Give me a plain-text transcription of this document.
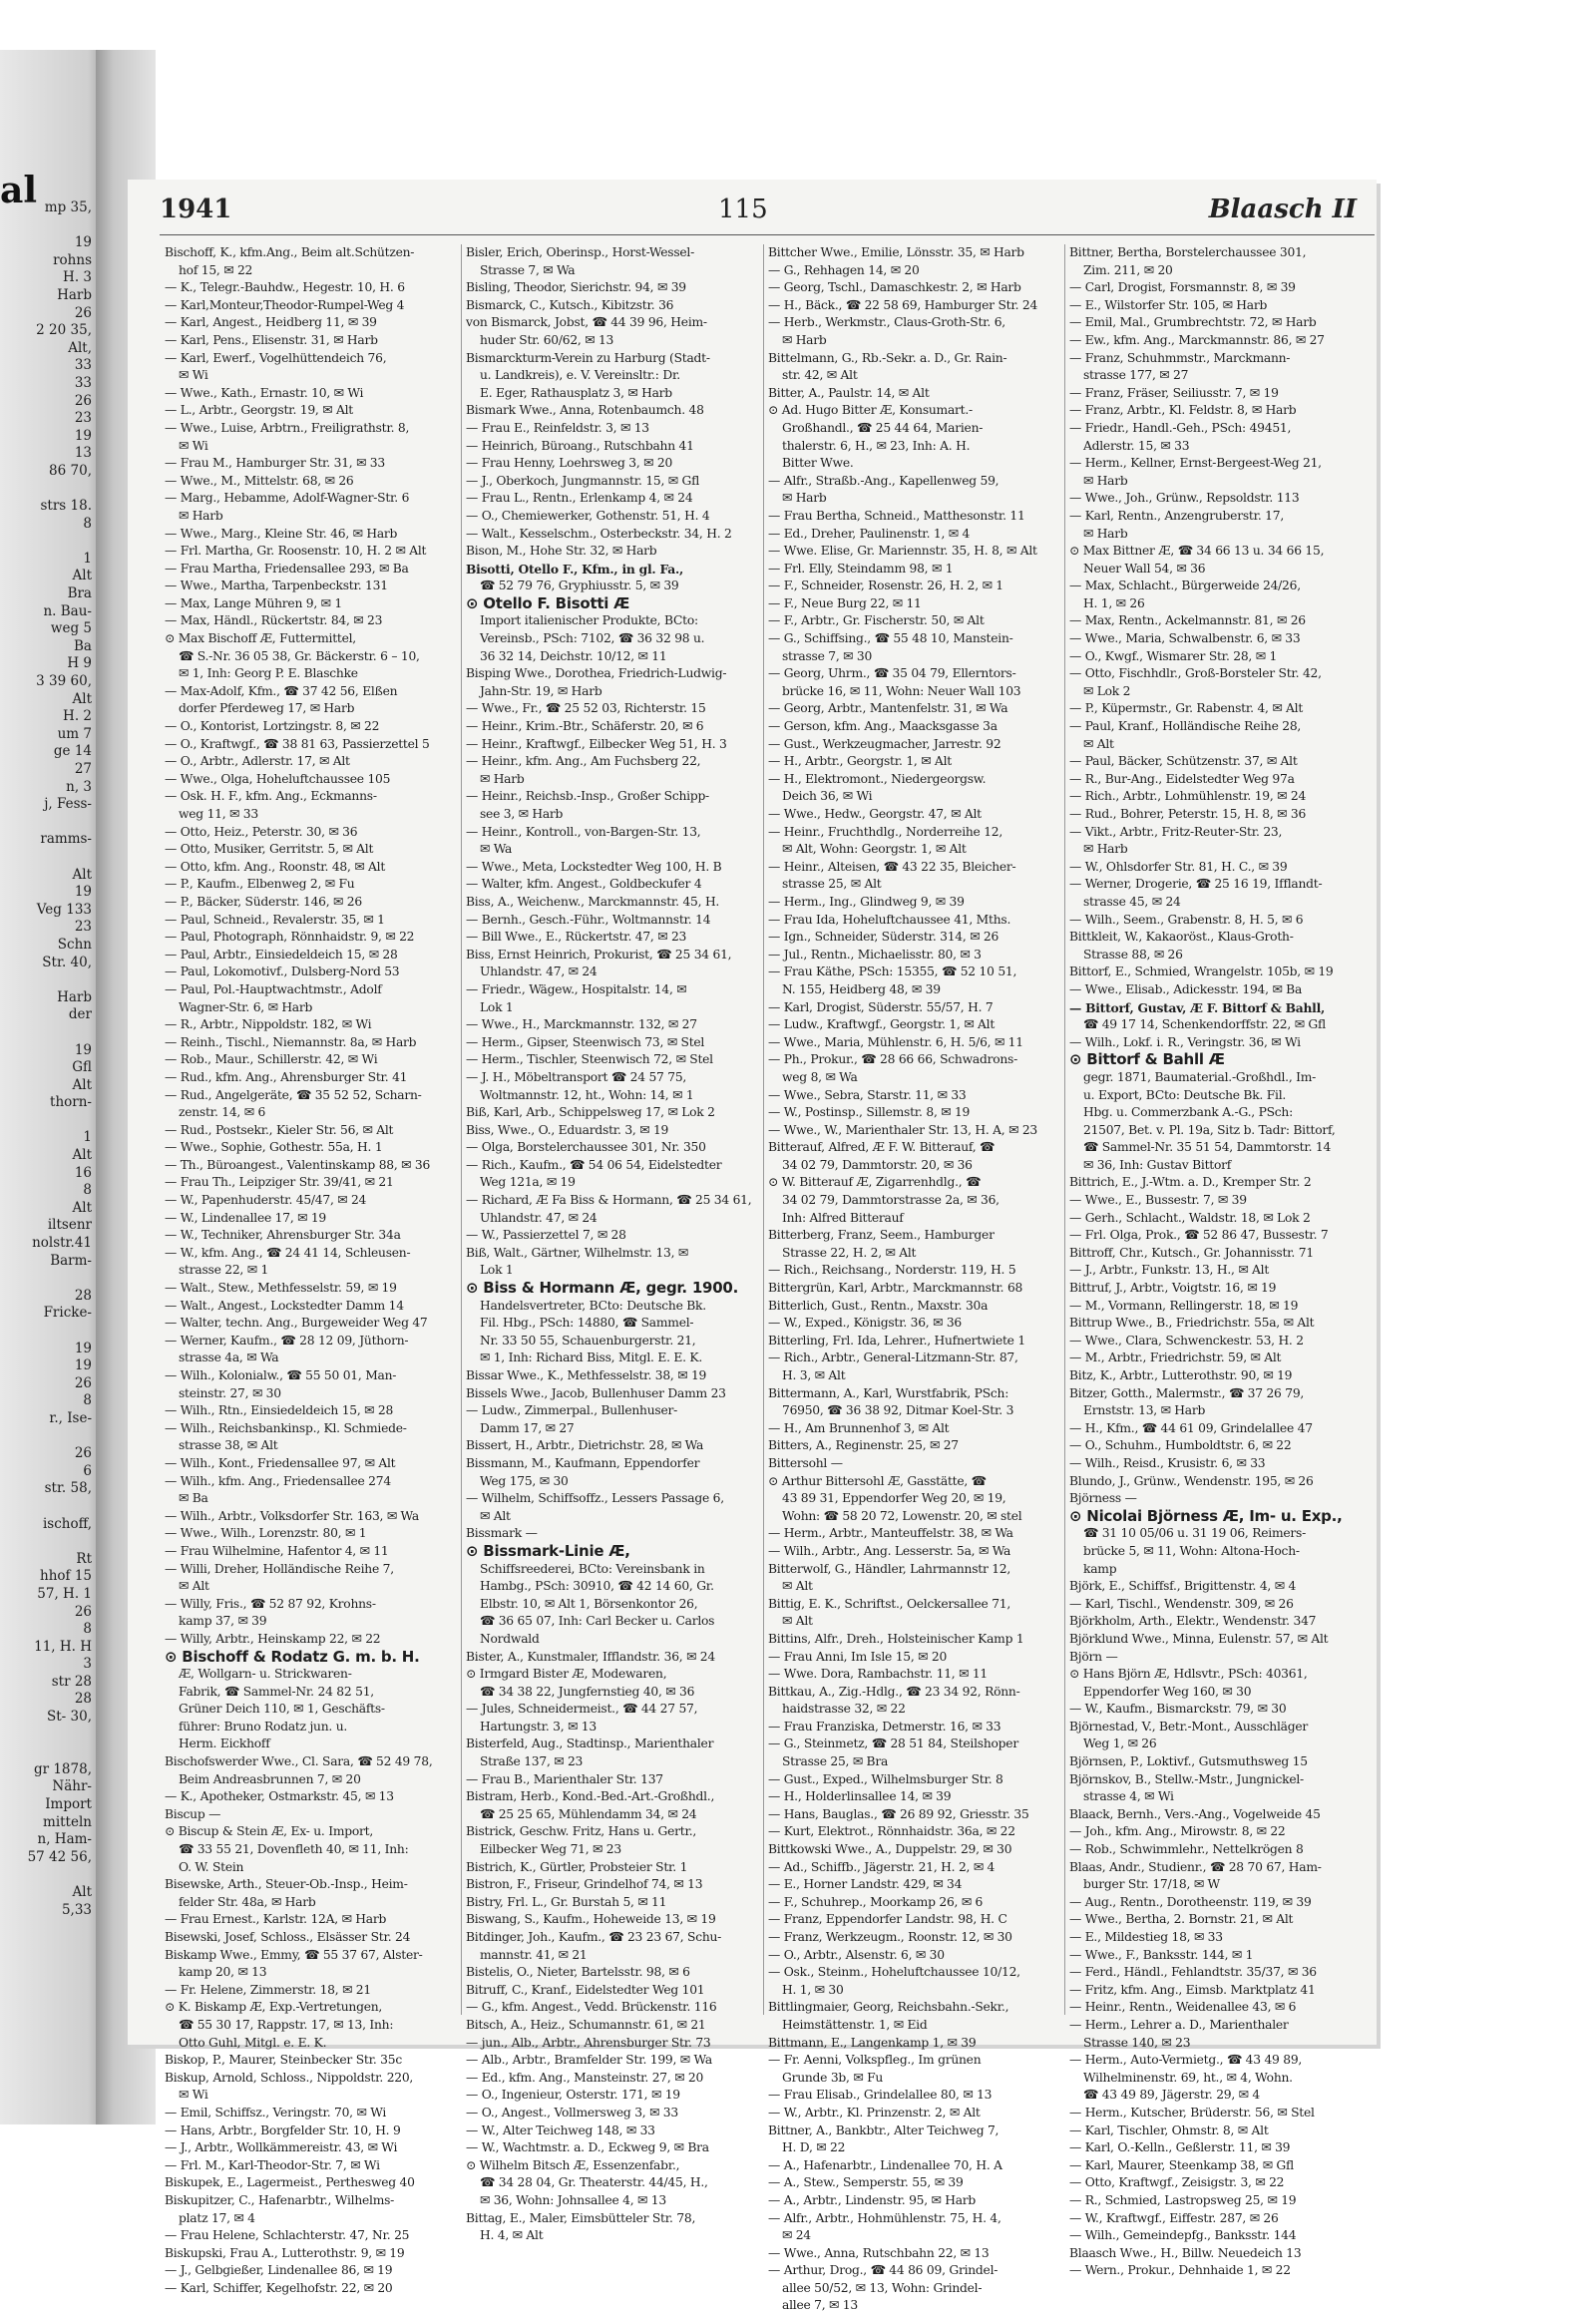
al mp 35,

19
rohns
H. 3
Harb
26
2 20 35,
Alt,
33
33
26
23
19
13
86 70,

strs 18.
8

1
Alt
Bra
n. Bau-
weg 5
Ba
H 9
3 39 60,
Alt
H. 2
um 7
ge 14
27
n, 3
j, Fess-

ramms-

Alt
19
Veg 133
23
Schn
Str. 40,

Harb
der

19
Gfl
Alt
thorn-

1
Alt
16
8
Alt
iltsenr
nolstr.41
Barm-

28
Fricke-

19
19
26
8
r., Ise-

26
6
str. 58,

ischoff,

Rt
hhof 15
57, H. 1
26
8
11, H. H
3
str 28
28
St- 30,

gr 1878,
Nähr-
Import
mitteln
n, Ham-
57 42 56,

Alt
5,33
1941	115	Blaasch II
Bischoff, K., kfm.Ang., Beim alt.Schützen-
hof 15, ✉ 22
— K., Telegr.-Bauhdw., Hegestr. 10, H. 6
— Karl,Monteur,Theodor-Rumpel-Weg 4
— Karl, Angest., Heidberg 11, ✉ 39
— Karl, Pens., Elisenstr. 31, ✉ Harb
— Karl, Ewerf., Vogelhüttendeich 76,
✉ Wi
— Wwe., Kath., Ernastr. 10, ✉ Wi
— L., Arbtr., Georgstr. 19, ✉ Alt
— Wwe., Luise, Arbtrn., Freiligrathstr. 8,
✉ Wi
— Frau M., Hamburger Str. 31, ✉ 33
— Wwe., M., Mittelstr. 68, ✉ 26
— Marg., Hebamme, Adolf-Wagner-Str. 6
✉ Harb
— Wwe., Marg., Kleine Str. 46, ✉ Harb
— Frl. Martha, Gr. Roosenstr. 10, H. 2 ✉ Alt
— Frau Martha, Friedensallee 293, ✉ Ba
— Wwe., Martha, Tarpenbeckstr. 131
— Max, Lange Mühren 9, ✉ 1
— Max, Händl., Rückertstr. 84, ✉ 23
⊙ Max Bischoff Æ, Futtermittel,
☎ S.-Nr. 36 05 38, Gr. Bäckerstr. 6 – 10,
✉ 1, Inh: Georg P. E. Blaschke
— Max-Adolf, Kfm., ☎ 37 42 56, Elßen
dorfer Pferdeweg 17, ✉ Harb
— O., Kontorist, Lortzingstr. 8, ✉ 22
— O., Kraftwgf., ☎ 38 81 63, Passierzettel 5
— O., Arbtr., Adlerstr. 17, ✉ Alt
— Wwe., Olga, Hoheluftchaussee 105
— Osk. H. F., kfm. Ang., Eckmanns-
weg 11, ✉ 33
— Otto, Heiz., Peterstr. 30, ✉ 36
— Otto, Musiker, Gerritstr. 5, ✉ Alt
— Otto, kfm. Ang., Roonstr. 48, ✉ Alt
— P., Kaufm., Elbenweg 2, ✉ Fu
— P., Bäcker, Süderstr. 146, ✉ 26
— Paul, Schneid., Revalerstr. 35, ✉ 1
— Paul, Photograph, Rönnhaidstr. 9, ✉ 22
— Paul, Arbtr., Einsiedeldeich 15, ✉ 28
— Paul, Lokomotivf., Dulsberg-Nord 53
— Paul, Pol.-Hauptwachtmstr., Adolf
Wagner-Str. 6, ✉ Harb
— R., Arbtr., Nippoldstr. 182, ✉ Wi
— Reinh., Tischl., Niemannstr. 8a, ✉ Harb
— Rob., Maur., Schillerstr. 42, ✉ Wi
— Rud., kfm. Ang., Ahrensburger Str. 41
— Rud., Angelgeräte, ☎ 35 52 52, Scharn-
zenstr. 14, ✉ 6
— Rud., Postsekr., Kieler Str. 56, ✉ Alt
— Wwe., Sophie, Gothestr. 55a, H. 1
— Th., Büroangest., Valentinskamp 88, ✉ 36
— Frau Th., Leipziger Str. 39/41, ✉ 21
— W., Papenhuderstr. 45/47, ✉ 24
— W., Lindenallee 17, ✉ 19
— W., Techniker, Ahrensburger Str. 34a
— W., kfm. Ang., ☎ 24 41 14, Schleusen-
strasse 22, ✉ 1
— Walt., Stew., Methfesselstr. 59, ✉ 19
— Walt., Angest., Lockstedter Damm 14
— Walter, techn. Ang., Burgeweider Weg 47
— Werner, Kaufm., ☎ 28 12 09, Jüthorn-
strasse 4a, ✉ Wa
— Wilh., Kolonialw., ☎ 55 50 01, Man-
steinstr. 27, ✉ 30
— Wilh., Rtn., Einsiedeldeich 15, ✉ 28
— Wilh., Reichsbankinsp., Kl. Schmiede-
strasse 38, ✉ Alt
— Wilh., Kont., Friedensallee 97, ✉ Alt
— Wilh., kfm. Ang., Friedensallee 274
✉ Ba
— Wilh., Arbtr., Volksdorfer Str. 163, ✉ Wa
— Wwe., Wilh., Lorenzstr. 80, ✉ 1
— Frau Wilhelmine, Hafentor 4, ✉ 11
— Willi, Dreher, Holländische Reihe 7,
✉ Alt
— Willy, Fris., ☎ 52 87 92, Krohns-
kamp 37, ✉ 39
— Willy, Arbtr., Heinskamp 22, ✉ 22
⊙ Bischoff & Rodatz G. m. b. H.
Æ, Wollgarn- u. Strickwaren-
Fabrik, ☎ Sammel-Nr. 24 82 51,
Grüner Deich 110, ✉ 1, Geschäfts-
führer: Bruno Rodatz jun. u.
Herm. Eickhoff
Bischofswerder Wwe., Cl. Sara, ☎ 52 49 78,
Beim Andreasbrunnen 7, ✉ 20
— K., Apotheker, Ostmarkstr. 45, ✉ 13
Biscup —
⊙ Biscup & Stein Æ, Ex- u. Import,
☎ 33 55 21, Dovenfleth 40, ✉ 11, Inh:
O. W. Stein
Bisewske, Arth., Steuer-Ob.-Insp., Heim-
felder Str. 48a, ✉ Harb
— Frau Ernest., Karlstr. 12A, ✉ Harb
Bisewski, Josef, Schloss., Elsässer Str. 24
Biskamp Wwe., Emmy, ☎ 55 37 67, Alster-
kamp 20, ✉ 13
— Fr. Helene, Zimmerstr. 18, ✉ 21
⊙ K. Biskamp Æ, Exp.-Vertretungen,
☎ 55 30 17, Rappstr. 17, ✉ 13, Inh:
Otto Guhl, Mitgl. e. E. K.
Biskop, P., Maurer, Steinbecker Str. 35c
Biskup, Arnold, Schloss., Nippoldstr. 220,
✉ Wi
— Emil, Schiffsz., Veringstr. 70, ✉ Wi
— Hans, Arbtr., Borgfelder Str. 10, H. 9
— J., Arbtr., Wollkämmereistr. 43, ✉ Wi
— Frl. M., Karl-Theodor-Str. 7, ✉ Wi
Biskupek, E., Lagermeist., Perthesweg 40
Biskupitzer, C., Hafenarbtr., Wilhelms-
platz 17, ✉ 4
— Frau Helene, Schlachterstr. 47, Nr. 25
Biskupski, Frau A., Lutterothstr. 9, ✉ 19
— J., Gelbgießer, Lindenallee 86, ✉ 19
— Karl, Schiffer, Kegelhofstr. 22, ✉ 20
Bisler, Erich, Oberinsp., Horst-Wessel-
Strasse 7, ✉ Wa
Bisling, Theodor, Sierichstr. 94, ✉ 39
Bismarck, C., Kutsch., Kibitzstr. 36
von Bismarck, Jobst, ☎ 44 39 96, Heim-
huder Str. 60/62, ✉ 13
Bismarckturm-Verein zu Harburg (Stadt-
u. Landkreis), e. V. Vereinsltr.: Dr.
E. Eger, Rathausplatz 3, ✉ Harb
Bismark Wwe., Anna, Rotenbaumch. 48
— Frau E., Reinfeldstr. 3, ✉ 13
— Heinrich, Büroang., Rutschbahn 41
— Frau Henny, Loehrsweg 3, ✉ 20
— J., Oberkoch, Jungmannstr. 15, ✉ Gfl
— Frau L., Rentn., Erlenkamp 4, ✉ 24
— O., Chemiewerker, Gothenstr. 51, H. 4
— Walt., Kesselschm., Osterbeckstr. 34, H. 2
Bison, M., Hohe Str. 32, ✉ Harb
Bisotti, Otello F., Kfm., in gl. Fa.,
☎ 52 79 76, Gryphiusstr. 5, ✉ 39
⊙ Otello F. Bisotti Æ
Import italienischer Produkte, BCto:
Vereinsb., PSch: 7102, ☎ 36 32 98 u.
36 32 14, Deichstr. 10/12, ✉ 11
Bisping Wwe., Dorothea, Friedrich-Ludwig-
Jahn-Str. 19, ✉ Harb
— Wwe., Fr., ☎ 25 52 03, Richterstr. 15
— Heinr., Krim.-Btr., Schäferstr. 20, ✉ 6
— Heinr., Kraftwgf., Eilbecker Weg 51, H. 3
— Heinr., kfm. Ang., Am Fuchsberg 22,
✉ Harb
— Heinr., Reichsb.-Insp., Großer Schipp-
see 3, ✉ Harb
— Heinr., Kontroll., von-Bargen-Str. 13,
✉ Wa
— Wwe., Meta, Lockstedter Weg 100, H. B
— Walter, kfm. Angest., Goldbeckufer 4
Biss, A., Weichenw., Marckmannstr. 45, H.
— Bernh., Gesch.-Führ., Woltmannstr. 14
— Bill Wwe., E., Rückertstr. 47, ✉ 23
Biss, Ernst Heinrich, Prokurist, ☎ 25 34 61,
Uhlandstr. 47, ✉ 24
— Friedr., Wägew., Hospitalstr. 14, ✉
Lok 1
— Wwe., H., Marckmannstr. 132, ✉ 27
— Herm., Gipser, Steenwisch 73, ✉ Stel
— Herm., Tischler, Steenwisch 72, ✉ Stel
— J. H., Möbeltransport ☎ 24 57 75,
Woltmannstr. 12, ht., Wohn: 14, ✉ 1
Biß, Karl, Arb., Schippelsweg 17, ✉ Lok 2
Biss, Wwe., O., Eduardstr. 3, ✉ 19
— Olga, Borstelerchaussee 301, Nr. 350
— Rich., Kaufm., ☎ 54 06 54, Eidelstedter
Weg 121a, ✉ 19
— Richard, Æ Fa Biss & Hormann, ☎ 25 34 61,
Uhlandstr. 47, ✉ 24
— W., Passierzettel 7, ✉ 28
Biß, Walt., Gärtner, Wilhelmstr. 13, ✉
Lok 1
⊙ Biss & Hormann Æ, gegr. 1900.
Handelsvertreter, BCto: Deutsche Bk.
Fil. Hbg., PSch: 14880, ☎ Sammel-
Nr. 33 50 55, Schauenburgerstr. 21,
✉ 1, Inh: Richard Biss, Mitgl. E. E. K.
Bissar Wwe., K., Methfesselstr. 38, ✉ 19
Bissels Wwe., Jacob, Bullenhuser Damm 23
— Ludw., Zimmerpal., Bullenhuser-
Damm 17, ✉ 27
Bissert, H., Arbtr., Dietrichstr. 28, ✉ Wa
Bissmann, M., Kaufmann, Eppendorfer
Weg 175, ✉ 30
— Wilhelm, Schiffsoffz., Lessers Passage 6,
✉ Alt
Bissmark —
⊙ Bissmark-Linie Æ,
Schiffsreederei, BCto: Vereinsbank in
Hambg., PSch: 30910, ☎ 42 14 60, Gr.
Elbstr. 10, ✉ Alt 1, Börsenkontor 26,
☎ 36 65 07, Inh: Carl Becker u. Carlos
Nordwald
Bister, A., Kunstmaler, Ifflandstr. 36, ✉ 24
⊙ Irmgard Bister Æ, Modewaren,
☎ 34 38 22, Jungfernstieg 40, ✉ 36
— Jules, Schneidermeist., ☎ 44 27 57,
Hartungstr. 3, ✉ 13
Bisterfeld, Aug., Stadtinsp., Marienthaler
Straße 137, ✉ 23
— Frau B., Marienthaler Str. 137
Bistram, Herb., Kond.-Bed.-Art.-Großhdl.,
☎ 25 25 65, Mühlendamm 34, ✉ 24
Bistrick, Geschw. Fritz, Hans u. Gertr.,
Eilbecker Weg 71, ✉ 23
Bistrich, K., Gürtler, Probsteier Str. 1
Bistron, F., Friseur, Grindelhof 74, ✉ 13
Bistry, Frl. L., Gr. Burstah 5, ✉ 11
Biswang, S., Kaufm., Hoheweide 13, ✉ 19
Bitdinger, Joh., Kaufm., ☎ 23 23 67, Schu-
mannstr. 41, ✉ 21
Bistelis, O., Nieter, Bartelsstr. 98, ✉ 6
Bitruff, C., Kranf., Eidelstedter Weg 101
— G., kfm. Angest., Vedd. Brückenstr. 116
Bitsch, A., Heiz., Schumannstr. 61, ✉ 21
— jun., Alb., Arbtr., Ahrensburger Str. 73
— Alb., Arbtr., Bramfelder Str. 199, ✉ Wa
— Ed., kfm. Ang., Mansteinstr. 27, ✉ 20
— O., Ingenieur, Osterstr. 171, ✉ 19
— O., Angest., Vollmersweg 3, ✉ 33
— W., Alter Teichweg 148, ✉ 33
— W., Wachtmstr. a. D., Eckweg 9, ✉ Bra
⊙ Wilhelm Bitsch Æ, Essenzenfabr.,
☎ 34 28 04, Gr. Theaterstr. 44/45, H.,
✉ 36, Wohn: Johnsallee 4, ✉ 13
Bittag, E., Maler, Eimsbütteler Str. 78,
H. 4, ✉ Alt
Bittcher Wwe., Emilie, Lönsstr. 35, ✉ Harb
— G., Rehhagen 14, ✉ 20
— Georg, Tschl., Damaschkestr. 2, ✉ Harb
— H., Bäck., ☎ 22 58 69, Hamburger Str. 24
— Herb., Werkmstr., Claus-Groth-Str. 6,
✉ Harb
Bittelmann, G., Rb.-Sekr. a. D., Gr. Rain-
str. 42, ✉ Alt
Bitter, A., Paulstr. 14, ✉ Alt
⊙ Ad. Hugo Bitter Æ, Konsumart.-
Großhandl., ☎ 25 44 64, Marien-
thalerstr. 6, H., ✉ 23, Inh: A. H.
Bitter Wwe.
— Alfr., Straßb.-Ang., Kapellenweg 59,
✉ Harb
— Frau Bertha, Schneid., Matthesonstr. 11
— Ed., Dreher, Paulinenstr. 1, ✉ 4
— Wwe. Elise, Gr. Mariennstr. 35, H. 8, ✉ Alt
— Frl. Elly, Steindamm 98, ✉ 1
— F., Schneider, Rosenstr. 26, H. 2, ✉ 1
— F., Neue Burg 22, ✉ 11
— F., Arbtr., Gr. Fischerstr. 50, ✉ Alt
— G., Schiffsing., ☎ 55 48 10, Manstein-
strasse 7, ✉ 30
— Georg, Uhrm., ☎ 35 04 79, Ellerntors-
brücke 16, ✉ 11, Wohn: Neuer Wall 103
— Georg, Arbtr., Mantenfelstr. 31, ✉ Wa
— Gerson, kfm. Ang., Maacksgasse 3a
— Gust., Werkzeugmacher, Jarrestr. 92
— H., Arbtr., Georgstr. 1, ✉ Alt
— H., Elektromont., Niedergeorgsw.
Deich 36, ✉ Wi
— Wwe., Hedw., Georgstr. 47, ✉ Alt
— Heinr., Fruchthdlg., Norderreihe 12,
✉ Alt, Wohn: Georgstr. 1, ✉ Alt
— Heinr., Alteisen, ☎ 43 22 35, Bleicher-
strasse 25, ✉ Alt
— Herm., Ing., Glindweg 9, ✉ 39
— Frau Ida, Hoheluftchaussee 41, Mths.
— Ign., Schneider, Süderstr. 314, ✉ 26
— Jul., Rentn., Michaelisstr. 80, ✉ 3
— Frau Käthe, PSch: 15355, ☎ 52 10 51,
N. 155, Heidberg 48, ✉ 39
— Karl, Drogist, Süderstr. 55/57, H. 7
— Ludw., Kraftwgf., Georgstr. 1, ✉ Alt
— Wwe., Maria, Mühlenstr. 6, H. 5/6, ✉ 11
— Ph., Prokur., ☎ 28 66 66, Schwadrons-
weg 8, ✉ Wa
— Wwe., Sebra, Starstr. 11, ✉ 33
— W., Postinsp., Sillemstr. 8, ✉ 19
— Wwe., W., Marienthaler Str. 13, H. A, ✉ 23
Bitterauf, Alfred, Æ F. W. Bitterauf, ☎
34 02 79, Dammtorstr. 20, ✉ 36
⊙ W. Bitterauf Æ, Zigarrenhdlg., ☎
34 02 79, Dammtorstrasse 2a, ✉ 36,
Inh: Alfred Bitterauf
Bitterberg, Franz, Seem., Hamburger
Strasse 22, H. 2, ✉ Alt
— Rich., Reichsang., Norderstr. 119, H. 5
Bittergrün, Karl, Arbtr., Marckmannstr. 68
Bitterlich, Gust., Rentn., Maxstr. 30a
— W., Exped., Königstr. 36, ✉ 36
Bitterling, Frl. Ida, Lehrer., Hufnertwiete 1
— Rich., Arbtr., General-Litzmann-Str. 87,
H. 3, ✉ Alt
Bittermann, A., Karl, Wurstfabrik, PSch:
76950, ☎ 36 38 92, Ditmar Koel-Str. 3
— H., Am Brunnenhof 3, ✉ Alt
Bitters, A., Reginenstr. 25, ✉ 27
Bittersohl —
⊙ Arthur Bittersohl Æ, Gasstätte, ☎
43 89 31, Eppendorfer Weg 20, ✉ 19,
Wohn: ☎ 58 20 72, Lowenstr. 20, ✉ stel
— Herm., Arbtr., Manteuffelstr. 38, ✉ Wa
— Wilh., Arbtr., Ang. Lesserstr. 5a, ✉ Wa
Bitterwolf, G., Händler, Lahrmannstr 12,
✉ Alt
Bittig, E. K., Schriftst., Oelckersallee 71,
✉ Alt
Bittins, Alfr., Dreh., Holsteinischer Kamp 1
— Frau Anni, Im Isle 15, ✉ 20
— Wwe. Dora, Rambachstr. 11, ✉ 11
Bittkau, A., Zig.-Hdlg., ☎ 23 34 92, Rönn-
haidstrasse 32, ✉ 22
— Frau Franziska, Detmerstr. 16, ✉ 33
— G., Steinmetz, ☎ 28 51 84, Steilshoper
Strasse 25, ✉ Bra
— Gust., Exped., Wilhelmsburger Str. 8
— H., Holderlinsallee 14, ✉ 39
— Hans, Bauglas., ☎ 26 89 92, Griesstr. 35
— Kurt, Elektrot., Rönnhaidstr. 36a, ✉ 22
Bittkowski Wwe., A., Duppelstr. 29, ✉ 30
— Ad., Schiffb., Jägerstr. 21, H. 2, ✉ 4
— E., Horner Landstr. 429, ✉ 34
— F., Schuhrep., Moorkamp 26, ✉ 6
— Franz, Eppendorfer Landstr. 98, H. C
— Franz, Werkzeugm., Roonstr. 12, ✉ 30
— O., Arbtr., Alsenstr. 6, ✉ 30
— Osk., Steinm., Hoheluftchaussee 10/12,
H. 1, ✉ 30
Bittlingmaier, Georg, Reichsbahn.-Sekr.,
Heimstättenstr. 1, ✉ Eid
Bittmann, E., Langenkamp 1, ✉ 39
— Fr. Aenni, Volkspfleg., Im grünen
Grunde 3b, ✉ Fu
— Frau Elisab., Grindelallee 80, ✉ 13
— W., Arbtr., Kl. Prinzenstr. 2, ✉ Alt
Bittner, A., Bankbtr., Alter Teichweg 7,
H. D, ✉ 22
— A., Hafenarbtr., Lindenallee 70, H. A
— A., Stew., Semperstr. 55, ✉ 39
— A., Arbtr., Lindenstr. 95, ✉ Harb
— Alfr., Arbtr., Hohmühlenstr. 75, H. 4,
✉ 24
— Wwe., Anna, Rutschbahn 22, ✉ 13
— Arthur, Drog., ☎ 44 86 09, Grindel-
allee 50/52, ✉ 13, Wohn: Grindel-
allee 7, ✉ 13
Bittner, Bertha, Borstelerchaussee 301,
Zim. 211, ✉ 20
— Carl, Drogist, Forsmannstr. 8, ✉ 39
— E., Wilstorfer Str. 105, ✉ Harb
— Emil, Mal., Grumbrechtstr. 72, ✉ Harb
— Ew., kfm. Ang., Marckmannstr. 86, ✉ 27
— Franz, Schuhmmstr., Marckmann-
strasse 177, ✉ 27
— Franz, Fräser, Seiliusstr. 7, ✉ 19
— Franz, Arbtr., Kl. Feldstr. 8, ✉ Harb
— Friedr., Handl.-Geh., PSch: 49451,
Adlerstr. 15, ✉ 33
— Herm., Kellner, Ernst-Bergeest-Weg 21,
✉ Harb
— Wwe., Joh., Grünw., Repsoldstr. 113
— Karl, Rentn., Anzengruberstr. 17,
✉ Harb
⊙ Max Bittner Æ, ☎ 34 66 13 u. 34 66 15,
Neuer Wall 54, ✉ 36
— Max, Schlacht., Bürgerweide 24/26,
H. 1, ✉ 26
— Max, Rentn., Ackelmannstr. 81, ✉ 26
— Wwe., Maria, Schwalbenstr. 6, ✉ 33
— O., Kwgf., Wismarer Str. 28, ✉ 1
— Otto, Fischhdlr., Groß-Borsteler Str. 42,
✉ Lok 2
— P., Küpermstr., Gr. Rabenstr. 4, ✉ Alt
— Paul, Kranf., Holländische Reihe 28,
✉ Alt
— Paul, Bäcker, Schützenstr. 37, ✉ Alt
— R., Bur-Ang., Eidelstedter Weg 97a
— Rich., Arbtr., Lohmühlenstr. 19, ✉ 24
— Rud., Bohrer, Peterstr. 15, H. 8, ✉ 36
— Vikt., Arbtr., Fritz-Reuter-Str. 23,
✉ Harb
— W., Ohlsdorfer Str. 81, H. C., ✉ 39
— Werner, Drogerie, ☎ 25 16 19, Ifflandt-
strasse 45, ✉ 24
— Wilh., Seem., Grabenstr. 8, H. 5, ✉ 6
Bittkleit, W., Kakaoröst., Klaus-Groth-
Strasse 88, ✉ 26
Bittorf, E., Schmied, Wrangelstr. 105b, ✉ 19
— Wwe., Elisab., Adickesstr. 194, ✉ Ba
— Bittorf, Gustav, Æ F. Bittorf & Bahll,
☎ 49 17 14, Schenkendorffstr. 22, ✉ Gfl
— Wilh., Lokf. i. R., Veringstr. 36, ✉ Wi
⊙ Bittorf & Bahll Æ
gegr. 1871, Baumaterial.-Großhdl., Im-
u. Export, BCto: Deutsche Bk. Fil.
Hbg. u. Commerzbank A.-G., PSch:
21507, Bet. v. Pl. 19a, Sitz b. Tadr: Bittorf,
☎ Sammel-Nr. 35 51 54, Dammtorstr. 14
✉ 36, Inh: Gustav Bittorf
Bittrich, E., J.-Wtm. a. D., Kremper Str. 2
— Wwe., E., Bussestr. 7, ✉ 39
— Gerh., Schlacht., Waldstr. 18, ✉ Lok 2
— Frl. Olga, Prok., ☎ 52 86 47, Bussestr. 7
Bittroff, Chr., Kutsch., Gr. Johannisstr. 71
— J., Arbtr., Funkstr. 13, H., ✉ Alt
Bittruf, J., Arbtr., Voigtstr. 16, ✉ 19
— M., Vormann, Rellingerstr. 18, ✉ 19
Bittrup Wwe., B., Friedrichstr. 55a, ✉ Alt
— Wwe., Clara, Schwenckestr. 53, H. 2
— M., Arbtr., Friedrichstr. 59, ✉ Alt
Bitz, K., Arbtr., Lutterothstr. 90, ✉ 19
Bitzer, Gotth., Malermstr., ☎ 37 26 79,
Ernststr. 13, ✉ Harb
— H., Kfm., ☎ 44 61 09, Grindelallee 47
— O., Schuhm., Humboldtstr. 6, ✉ 22
— Wilh., Reisd., Krusistr. 6, ✉ 33
Blundo, J., Grünw., Wendenstr. 195, ✉ 26
Björness —
⊙ Nicolai Björness Æ, Im- u. Exp.,
☎ 31 10 05/06 u. 31 19 06, Reimers-
brücke 5, ✉ 11, Wohn: Altona-Hoch-
kamp
Björk, E., Schiffsf., Brigittenstr. 4, ✉ 4
— Karl, Tischl., Wendenstr. 309, ✉ 26
Björkholm, Arth., Elektr., Wendenstr. 347
Björklund Wwe., Minna, Eulenstr. 57, ✉ Alt
Björn —
⊙ Hans Björn Æ, Hdlsvtr., PSch: 40361,
Eppendorfer Weg 160, ✉ 30
— W., Kaufm., Bismarckstr. 79, ✉ 30
Björnestad, V., Betr.-Mont., Ausschläger
Weg 1, ✉ 26
Björnsen, P., Loktivf., Gutsmuthsweg 15
Björnskov, B., Stellw.-Mstr., Jungnickel-
strasse 4, ✉ Wi
Blaack, Bernh., Vers.-Ang., Vogelweide 45
— Joh., kfm. Ang., Mirowstr. 8, ✉ 22
— Rob., Schwimmlehr., Nettelkrögen 8
Blaas, Andr., Studienr., ☎ 28 70 67, Ham-
burger Str. 17/18, ✉ W
— Aug., Rentn., Dorotheenstr. 119, ✉ 39
— Wwe., Bertha, 2. Bornstr. 21, ✉ Alt
— E., Mildestieg 18, ✉ 33
— Wwe., F., Banksstr. 144, ✉ 1
— Ferd., Händl., Fehlandtstr. 35/37, ✉ 36
— Fritz, kfm. Ang., Eimsb. Marktplatz 41
— Heinr., Rentn., Weidenallee 43, ✉ 6
— Herm., Lehrer a. D., Marienthaler
Strasse 140, ✉ 23
— Herm., Auto-Vermietg., ☎ 43 49 89,
Wilhelminenstr. 69, ht., ✉ 4, Wohn.
☎ 43 49 89, Jägerstr. 29, ✉ 4
— Herm., Kutscher, Brüderstr. 56, ✉ Stel
— Karl, Tischler, Ohmstr. 8, ✉ Alt
— Karl, O.-Kelln., Geßlerstr. 11, ✉ 39
— Karl, Maurer, Steenkamp 38, ✉ Gfl
— Otto, Kraftwgf., Zeisigstr. 3, ✉ 22
— R., Schmied, Lastropsweg 25, ✉ 19
— W., Kraftwgf., Eiffestr. 287, ✉ 26
— Wilh., Gemeindepfg., Banksstr. 144
Blaasch Wwe., H., Billw. Neuedeich 13
— Wern., Prokur., Dehnhaide 1, ✉ 22
